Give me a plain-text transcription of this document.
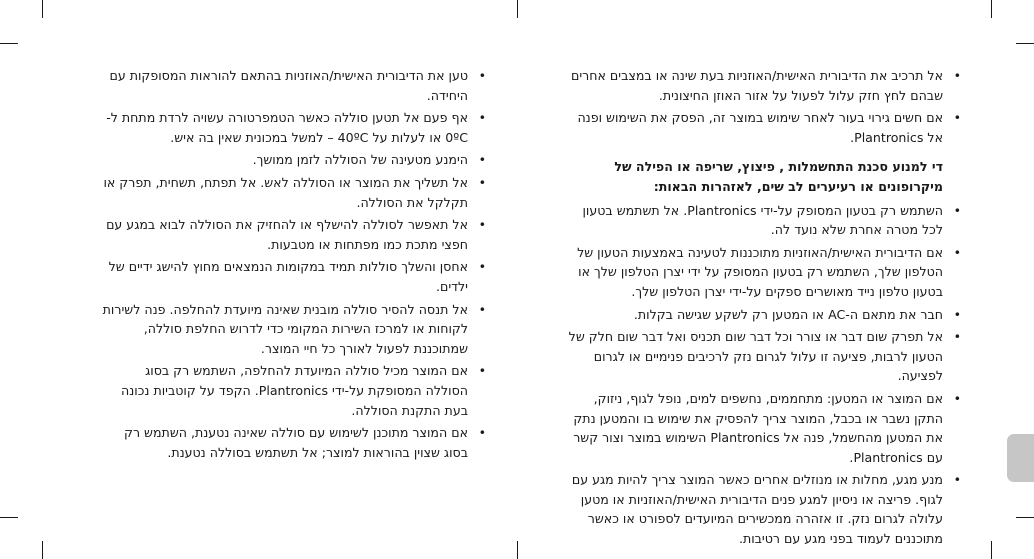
• אל תרכיב את הדיבורית האישית/האוזניות בעת שינה או במצבים אחרים שבהם לחץ חזק עלול לפעול על אזור האוזן החיצונית.
• אם חשים גירוי בעור לאחר שימוש במוצר זה, הפסק את השימוש ופנה אל Plantronics.
די למנוע סכנת התחשמלות , פיצוץ, שריפה או הפילה של מיקרופונים או רעיערים לב שים, לאזהרות הבאות:
• השתמש רק בטעון המסופק על-ידי Plantronics. אל תשתמש בטעון לכל מטרה אחרת שלא נועד לה.
• אם הדיבורית האישית/האוזניות מתוכננות לטעינה באמצעות הטעון של הטלפון שלך, השתמש רק בטעון המסופק על ידי יצרן הטלפון שלך או בטעון טלפון נייד מאושרים ספקים על-ידי יצרן הטלפון שלך.
• חבר את מתאם ה-AC או המטען רק לשקע שגישה בקלות.
• אל תפרק שום דבר או צורר וכל דבר שום תכניס ואל דבר שום חלק של הטעון לרבות, פציעה זו עלול לגרום נזק לרכיבים פנימיים או לגרום לפציעה.
• אם המוצר או המטען: מתחממים, נחשפים למים, נופל לגוף, ניזוק, התקן נשבר או בכבל, המוצר צריך להפסיק את שימוש בו והמטען נתק את המטען מהחשמל, פנה אל Plantronics השימוש במוצר וצור קשר עם Plantronics.
• מנע מגע, מחלות או מנוזלים אחרים כאשר המוצר צריך להיות מגע עם לגוף. פריצה או ניסיון למגע פנים הדיבורית האישית/האוזניות או מטען עלולה לגרום נזק. זו אזהרה ממכשירים המיועדים לספורט או כאשר מתוכננים לעמוד בפני מגע עם רטיבות.
• טען את הדיבורית האישית/האוזניות בהתאם להוראות המסופקות עם היחידה.
• אף פעם אל תטען סוללה כאשר הטמפרטורה עשויה לרדת מתחת ל- 0ºC או לעלות על 40ºC – למשל במכונית שאין בה איש.
• הימנע מטעינה של הסוללה לזמן ממושך.
• אל תשליך את המוצר או הסוללה לאש. אל תפתח, תשחית, תפרק או תקלקל את הסוללה.
• אל תאפשר לסוללה להישלף או להחזיק את הסוללה לבוא במגע עם חפצי מתכת כמו מפתחות או מטבעות.
• אחסן והשלך סוללות תמיד במקומות הנמצאים מחוץ להישג ידיים של ילדים.
• אל תנסה להסיר סוללה מובנית שאינה מיועדת להחלפה. פנה לשירות לקוחות או למרכז השירות המקומי כדי לדרוש החלפת סוללה, שמתוכננת לפעול לאורך כל חיי המוצר.
• אם המוצר מכיל סוללה המיועדת להחלפה, השתמש רק בסוג הסוללה המסופקת על-ידי Plantronics. הקפד על קוטביות נכונה בעת התקנת הסוללה.
• אם המוצר מתוכנן לשימוש עם סוללה שאינה נטענת, השתמש רק בסוג שצוין בהוראות למוצר; אל תשתמש בסוללה נטענת.
